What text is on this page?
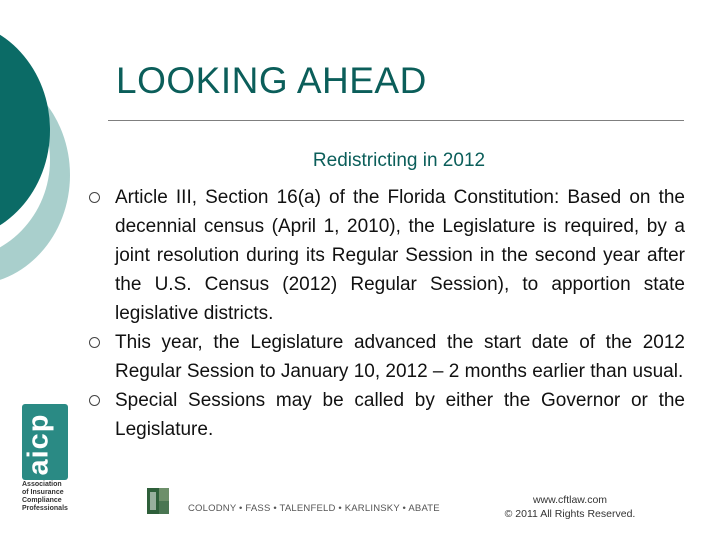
LOOKING AHEAD
Redistricting in 2012
Article III, Section 16(a) of the Florida Constitution: Based on the decennial census (April 1, 2010), the Legislature is required, by a joint resolution during its Regular Session in the second year after the U.S. Census (2012) Regular Session), to apportion state legislative districts.
This year, the Legislature advanced the start date of the 2012 Regular Session to January 10, 2012 – 2 months earlier than usual.
Special Sessions may be called by either the Governor or the Legislature.
aicp
Association
of Insurance
Compliance
Professionals	COLODNY • FASS • TALENFELD • KARLINSKY • ABATE
www.cftlaw.com
© 2011 All Rights Reserved.
